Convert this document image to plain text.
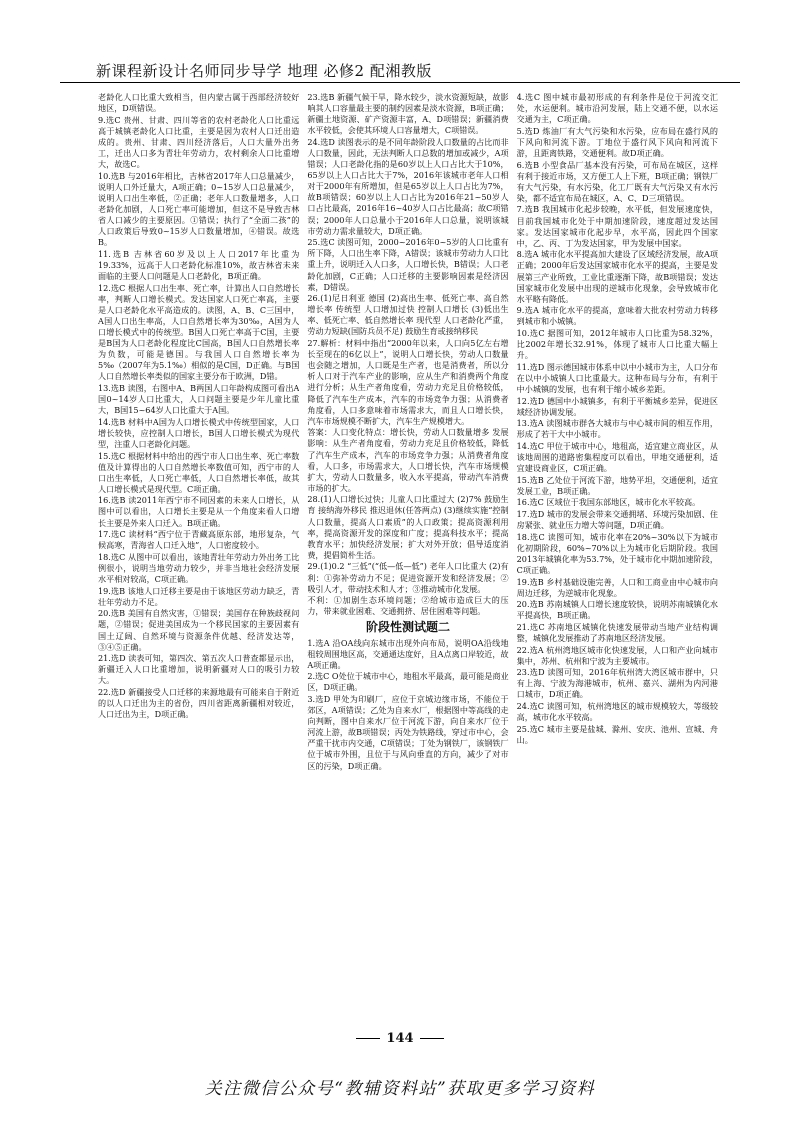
新课程新设计名师同步导学 地理 必修2 配湘教版

老龄化人口比重大致相当，但内蒙古属于西部经济较好地区，D项错误。

9.选C 贵州、甘肃、四川等省的农村老龄化人口比重远高于城镇老龄化人口比重，主要是因为农村人口迁出造成的。贵州、甘肃、四川经济落后，人口大量外出务工，迁出人口多为青壮年劳动力，农村剩余人口比重增大，故选C。

10.选B 与2016年相比，吉林省2017年人口总量减少，说明人口外迁量大，A项正确；0~15岁人口总量减少，说明人口出生率低，②正确；老年人口数量增多，人口老龄化加剧，人口死亡率可能增加，但这不是导致吉林省人口减少的主要原因。①错误；执行了“全面二孩”的人口政策后导致0~15岁人口数量增加，④错误。故选B。

11.选B 吉林省60岁及以上人口2017年比重为19.33%，远高于人口老龄化标准10%，故吉林省未来面临的主要人口问题是人口老龄化，B项正确。

12.选C 根据人口出生率、死亡率，计算出人口自然增长率，判断人口增长模式。发达国家人口死亡率高，主要是人口老龄化水平高造成的。读图，A、B、C三国中，A国人口出生率高，人口自然增长率为30‰，A国为人口增长模式中的传统型。B国人口死亡率高于C国，主要是B国为人口老龄化程度比C国高，B国人口自然增长率为负数，可能是德国。与我国人口自然增长率为5‰（2007年为5.1‰）相似的是C国，D正确。与B国人口自然增长率类似的国家主要分布于欧洲，D错。

13.选B 读图，右图中A、B两国人口年龄构成图可看出A国0~14岁人口比重大，人口问题主要是少年儿童比重大，B国15~64岁人口比重大于A国。

14.选B 材料中A国为人口增长模式中传统型国家，人口增长较快，应控制人口增长，B国人口增长模式为现代型，注重人口老龄化问题。

15.选C 根据材料中给出的西宁市人口出生率、死亡率数值及计算得出的人口自然增长率数值可知，西宁市的人口出生率低，人口死亡率低，人口自然增长率低，故其人口增长模式是现代型。C项正确。

16.选B 读2011年西宁市不同因素的未来人口增长，从图中可以看出，人口增长主要是从一个角度来看人口增长主要是外来人口迁入。B项正确。

17.选C 读材料“西宁位于青藏高原东部，地形复杂，气候高寒，青海省人口迁入地”，人口密度较小。

18.选C 从图中可以看出，该地青壮年劳动力外出务工比例很小，说明当地劳动力较少，并非当地社会经济发展水平相对较高，C项正确。

19.选B 该地人口迁移主要是由于该地区劳动力缺乏，青壮年劳动力不足。

20.选B 美国有自然灾害，①错误；美国存在种族歧视问题，②错误；促进美国成为一个移民国家的主要因素有国土辽阔、自然环境与资源条件优越、经济发达等，③④⑤正确。

21.选D 读表可知，第四次、第五次人口普查都显示出，新疆迁入人口比重增加，说明新疆对人口的吸引力较大。

22.选D 新疆接受人口迁移的来源地最有可能来自于附近的以人口迁出为主的省份，四川省距离新疆相对较近，人口迁出为主，D项正确。

23.选B 新疆气候干旱，降水较少，淡水资源短缺，故影响其人口容量最主要的制约因素是淡水资源，B项正确；新疆土地资源、矿产资源丰富，A、D项错误；新疆消费水平较低，会使其环境人口容量增大，C项错误。

24.选D 读图表示的是不同年龄阶段人口数量的占比而非人口数量，因此，无法判断人口总数的增加或减少，A项错误；人口老龄化指的是60岁以上人口占比大于10%，65岁以上人口占比大于7%，2016年该城市老年人口相对于2000年有所增加，但是65岁以上人口占比为7%，故B项错误；60岁以上人口占比为2016年21~50岁人口占比最高，2016年16~40岁人口占比最高；故C项错误；2000年人口总量小于2016年人口总量，说明该城市劳动力需求量较大，D项正确。

25.选C 读图可知，2000~2016年0~5岁的人口比重有所下降，人口出生率下降，A错误；该城市劳动力人口比重上升，说明迁入人口多，人口增长快，B错误；人口老龄化加剧，C正确；人口迁移的主要影响因素是经济因素，D错误。

26.(1)尼日利亚 德国 (2)高出生率、低死亡率、高自然增长率 传统型 人口增加过快 控制人口增长 (3)低出生率、低死亡率、低自然增长率 现代型 人口老龄化严重，劳动力短缺(国防兵员不足) 鼓励生育或接纳移民

27.解析：材料中指出“2000年以来，人口向5亿左右增长至现在的6亿以上”，说明人口增长快，劳动人口数量也会随之增加，人口既是生产者，也是消费者，所以分析人口对于汽车产业的影响，应从生产和消费两个角度进行分析；从生产者角度看，劳动力充足且价格较低，降低了汽车生产成本，汽车的市场竞争力强；从消费者角度看，人口多意味着市场需求大，而且人口增长快，汽车市场规模不断扩大，汽车生产规模增大。

答案：人口变化特点：增长快，劳动人口数量增多 发展影响：从生产者角度看，劳动力充足且价格较低，降低了汽车生产成本，汽车的市场竞争力强；从消费者角度看，人口多，市场需求大，人口增长快，汽车市场规模扩大，劳动人口数量多，收入水平提高，带动汽车消费市场的扩大。

28.(1)人口增长过快；儿童人口比重过大 (2)7% 鼓励生育 接纳海外移民 推迟退休(任答两点) (3)继续实施“控制人口数量，提高人口素质”的人口政策；提高资源利用率，提高资源开发的深度和广度；提高科技水平；提高教育水平；加快经济发展；扩大对外开放；倡导适度消费，提倡简朴生活。

29.(1)0.2 “三低”(“低—低—低”) 老年人口比重大 (2)有利：①弥补劳动力不足；促进资源开发和经济发展；②吸引人才，带动技术和人才；③推动城市化发展。

不利：①加剧生态环境问题；②给城市造成巨大的压力，带来就业困难、交通拥挤、居住困难等问题。

阶段性测试题二

1.选A 沿OA线向东城市出现外向布局，说明OA沿线地租较周围地区高，交通通达度好，且A点离口岸较近，故A项正确。

2.选C O处位于城市中心，地租水平最高，最可能是商业区，D项正确。

3.选D 甲处为印刷厂，应位于京城边缘市场，不能位于郊区，A项错误；乙处为自来水厂，根据图中等高线的走向判断，图中自来水厂位于河流下游，向自来水厂位于河流上游，故B项错误；丙处为铁路线，穿过市中心，会严重干扰市内交通，C项错误；丁处为钢铁厂，该钢铁厂位于城市外围，且位于与风向垂直的方向，减少了对市区的污染，D项正确。

4.选C 图中城市最初形成的有利条件是位于河流交汇处，水运便利。城市沿河发展，陆上交通不便，以水运交通为主，C项正确。

5.选D 炼油厂有大气污染和水污染，应布局在盛行风的下风向和河流下游。丁地位于盛行风下风向和河流下游，且距离铁路，交通便利。故D项正确。

6.选B 小型食品厂基本没有污染，可布局在城区，这样有利于接近市场，又方便工人上下班，B项正确；钢铁厂有大气污染，有水污染，化工厂既有大气污染又有水污染，都不适宜布局在城区，A、C、D三项错误。

7.选B 我国城市化起步较晚，水平低，但发展速度快，目前我国城市化处于中期加速阶段，速度超过发达国家。发达国家城市化起步早，水平高，因此四个国家中，乙、丙、丁为发达国家，甲为发展中国家。

8.选A 城市化水平提高加大建设了区域经济发展，故A项正确；2000年后发达国家城市化水平的提高，主要是发展第三产业所致，工业比重逐渐下降，故B项错误；发达国家城市化发展中出现的逆城市化现象，会导致城市化水平略有降低。

9.选A 城市化水平的提高，意味着大批农村劳动力转移到城市和小城镇。

10.选C 据图可知，2012年城市人口比重为58.32%，比2002年增长32.91%，体现了城市人口比重大幅上升。

11.选D 图示德国城市体系中以中小城市为主，人口分布在以中小城镇人口比重最大。这种布局与分布，有利于中小城镇的发展，也有利于缩小城乡差距。

12.选D 德国中小城镇多，有利于平衡城乡差异，促进区域经济协调发展。

13.选A 读图城市群各大城市与中心城市间的相互作用，形成了若干大中小城市。

14.选C 甲位于城市中心，地租高，适宜建立商业区，从该地周围的道路密集程度可以看出，甲地交通便利，适宜建设商业区，C项正确。

15.选B 乙处位于河流下游，地势平坦，交通便利，适宜发展工业，B项正确。

16.选C 区域位于我国东部地区，城市化水平较高。

17.选D 城市的发展会带来交通拥堵、环境污染加剧、住房紧张、就业压力增大等问题，D项正确。

18.选C 读图可知，城市化率在20%~30%以下为城市化初期阶段，60%~70%以上为城市化后期阶段。我国2013年城镇化率为53.7%，处于城市化中期加速阶段，C项正确。

19.选B 乡村基础设施完善，人口和工商业由中心城市向周边迁移，为逆城市化现象。

20.选B 苏南城镇人口增长速度较快，说明苏南城镇化水平提高快，B项正确。

21.选C 苏南地区城镇化快速发展带动当地产业结构调整，城镇化发展推动了苏南地区经济发展。

22.选A 杭州湾地区城市化快速发展，人口和产业向城市集中，苏州、杭州和宁波为主要城市。

23.选D 读图可知，2016年杭州湾大湾区城市群中，只有上海、宁波为海港城市，杭州、嘉兴、湖州为内河港口城市，D项正确。

24.选C 读图可知，杭州湾地区的城市规模较大，等级较高，城市化水平较高。

25.选C 城市主要是盐城、滁州、安庆、池州、宣城、舟山。

144
关注微信公众号“教辅资料站”获取更多学习资料
